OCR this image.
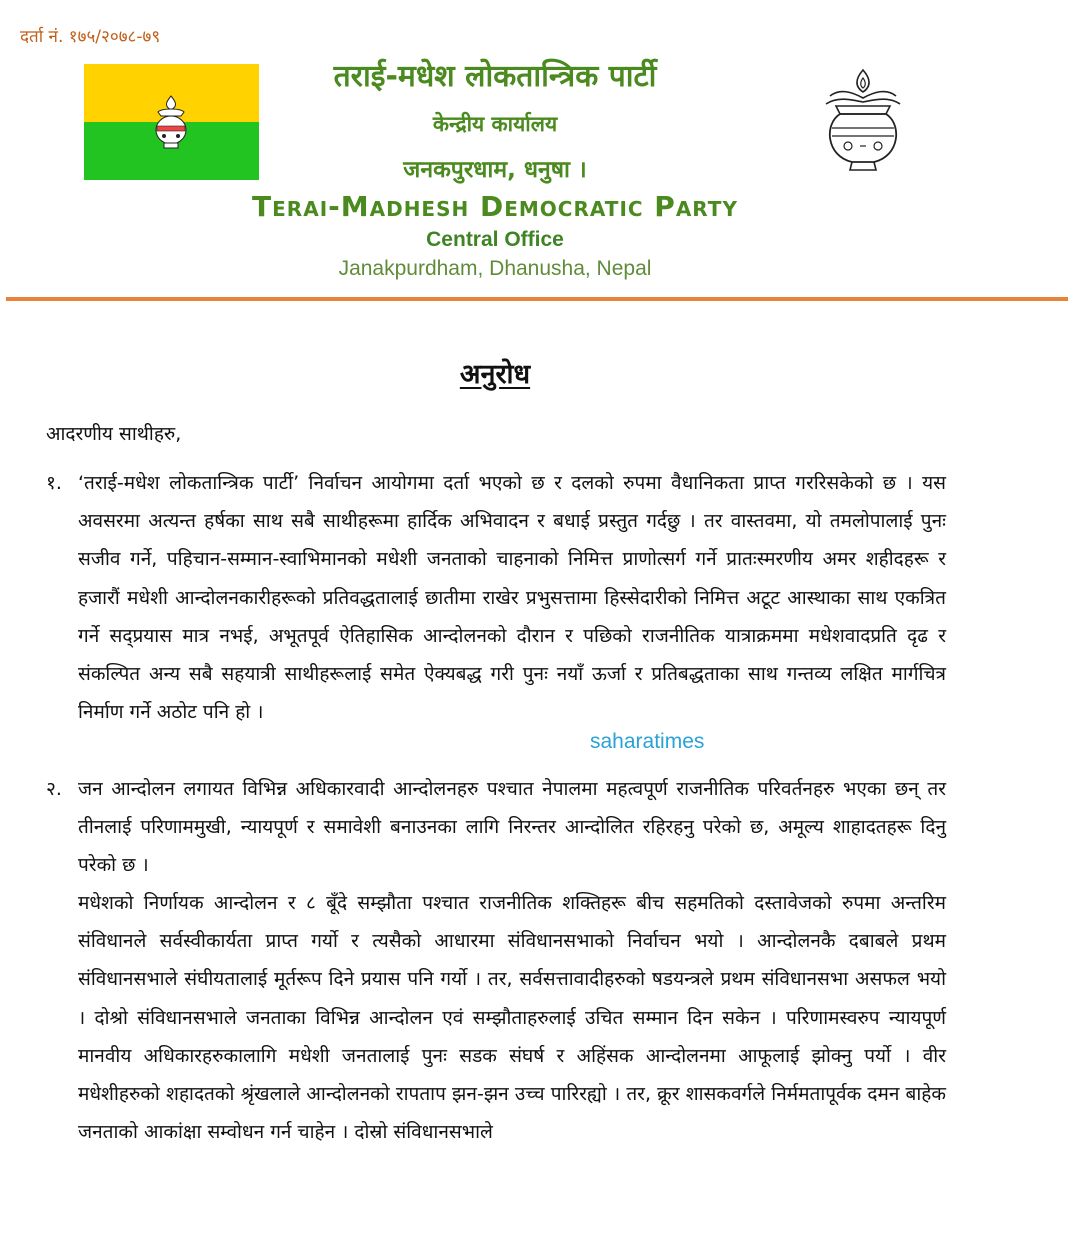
दर्ता नं. १७५/२०७८-७९
तराई-मधेश लोकतान्त्रिक पार्टी
केन्द्रीय कार्यालय
जनकपुरधाम, धनुषा ।
Terai-Madhesh Democratic Party
Central Office
Janakpurdham, Dhanusha, Nepal
अनुरोध
आदरणीय साथीहरु,
१. ‘तराई-मधेश लोकतान्त्रिक पार्टी’ निर्वाचन आयोगमा दर्ता भएको छ र दलको रुपमा वैधानिकता प्राप्त गररिसकेको छ । यस अवसरमा अत्यन्त हर्षका साथ सबै साथीहरूमा हार्दिक अभिवादन र बधाई प्रस्तुत गर्दछु । तर वास्तवमा, यो तमलोपालाई पुनः सजीव गर्ने, पहिचान-सम्मान-स्वाभिमानको मधेशी जनताको चाहनाको निमित्त प्राणोत्सर्ग गर्ने प्रातःस्मरणीय अमर शहीदहरू र हजारौं मधेशी आन्दोलनकारीहरूको प्रतिवद्धतालाई छातीमा राखेर प्रभुसत्तामा हिस्सेदारीको निमित्त अटूट आस्थाका साथ एकत्रित गर्ने सद्प्रयास मात्र नभई, अभूतपूर्व ऐतिहासिक आन्दोलनको दौरान र पछिको राजनीतिक यात्राक्रममा मधेशवादप्रति दृढ र संकल्पित अन्य सबै सहयात्री साथीहरूलाई समेत ऐक्यबद्ध गरी पुनः नयाँ ऊर्जा र प्रतिबद्धताका साथ गन्तव्य लक्षित मार्गचित्र निर्माण गर्ने अठोट पनि हो ।

saharatimes
२. जन आन्दोलन लगायत विभिन्न अधिकारवादी आन्दोलनहरु पश्चात नेपालमा महत्वपूर्ण राजनीतिक परिवर्तनहरु भएका छन् तर तीनलाई परिणाममुखी, न्यायपूर्ण र समावेशी बनाउनका लागि निरन्तर आन्दोलित रहिरहनु परेको छ, अमूल्य शाहादतहरू दिनु परेको छ ।

मधेशको निर्णायक आन्दोलन र ८ बूँदे सम्झौता पश्चात राजनीतिक शक्तिहरू बीच सहमतिको दस्तावेजको रुपमा अन्तरिम संविधानले सर्वस्वीकार्यता प्राप्त गर्यो र त्यसैको आधारमा संविधानसभाको निर्वाचन भयो । आन्दोलनकै दबाबले प्रथम संविधानसभाले संघीयतालाई मूर्तरूप दिने प्रयास पनि गर्यो । तर, सर्वसत्तावादीहरुको षडयन्त्रले प्रथम संविधानसभा असफल भयो । दोश्रो संविधानसभाले जनताका विभिन्न आन्दोलन एवं सम्झौताहरुलाई उचित सम्मान दिन सकेन । परिणामस्वरुप न्यायपूर्ण मानवीय अधिकारहरुकालागि मधेशी जनतालाई पुनः सडक संघर्ष र अहिंसक आन्दोलनमा आफूलाई झोक्नु पर्यो । वीर मधेशीहरुको शहादतको श्रृंखलाले आन्दोलनको रापताप झन-झन उच्च पारिरह्यो । तर, क्रूर शासकवर्गले निर्ममतापूर्वक दमन बाहेक जनताको आकांक्षा सम्वोधन गर्न चाहेन । दोस्रो संविधानसभाले
